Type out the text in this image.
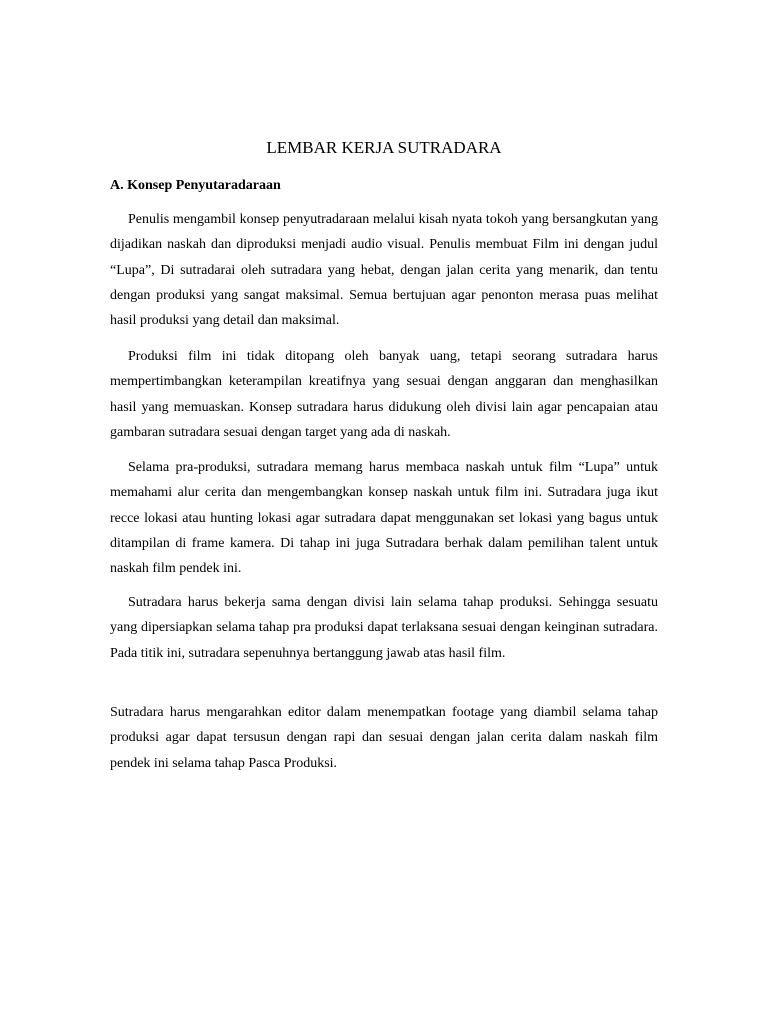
LEMBAR KERJA SUTRADARA
A. Konsep Penyutaradaraan

Penulis mengambil konsep penyutradaraan melalui kisah nyata tokoh yang bersangkutan yang dijadikan naskah dan diproduksi menjadi audio visual. Penulis membuat Film ini dengan judul “Lupa”, Di sutradarai oleh sutradara yang hebat, dengan jalan cerita yang menarik, dan tentu dengan produksi yang sangat maksimal. Semua bertujuan agar penonton merasa puas melihat hasil produksi yang detail dan maksimal.

Produksi film ini tidak ditopang oleh banyak uang, tetapi seorang sutradara harus mempertimbangkan keterampilan kreatifnya yang sesuai dengan anggaran dan menghasilkan hasil yang memuaskan. Konsep sutradara harus didukung oleh divisi lain agar pencapaian atau gambaran sutradara sesuai dengan target yang ada di naskah.

Selama pra-produksi, sutradara memang harus membaca naskah untuk film “Lupa” untuk memahami alur cerita dan mengembangkan konsep naskah untuk film ini. Sutradara juga ikut recce lokasi atau hunting lokasi agar sutradara dapat menggunakan set lokasi yang bagus untuk ditampilan di frame kamera. Di tahap ini juga Sutradara berhak dalam pemilihan talent untuk naskah film pendek ini.

Sutradara harus bekerja sama dengan divisi lain selama tahap produksi. Sehingga sesuatu yang dipersiapkan selama tahap pra produksi dapat terlaksana sesuai dengan keinginan sutradara. Pada titik ini, sutradara sepenuhnya bertanggung jawab atas hasil film.

Sutradara harus mengarahkan editor dalam menempatkan footage yang diambil selama tahap produksi agar dapat tersusun dengan rapi dan sesuai dengan jalan cerita dalam naskah film pendek ini selama tahap Pasca Produksi.
